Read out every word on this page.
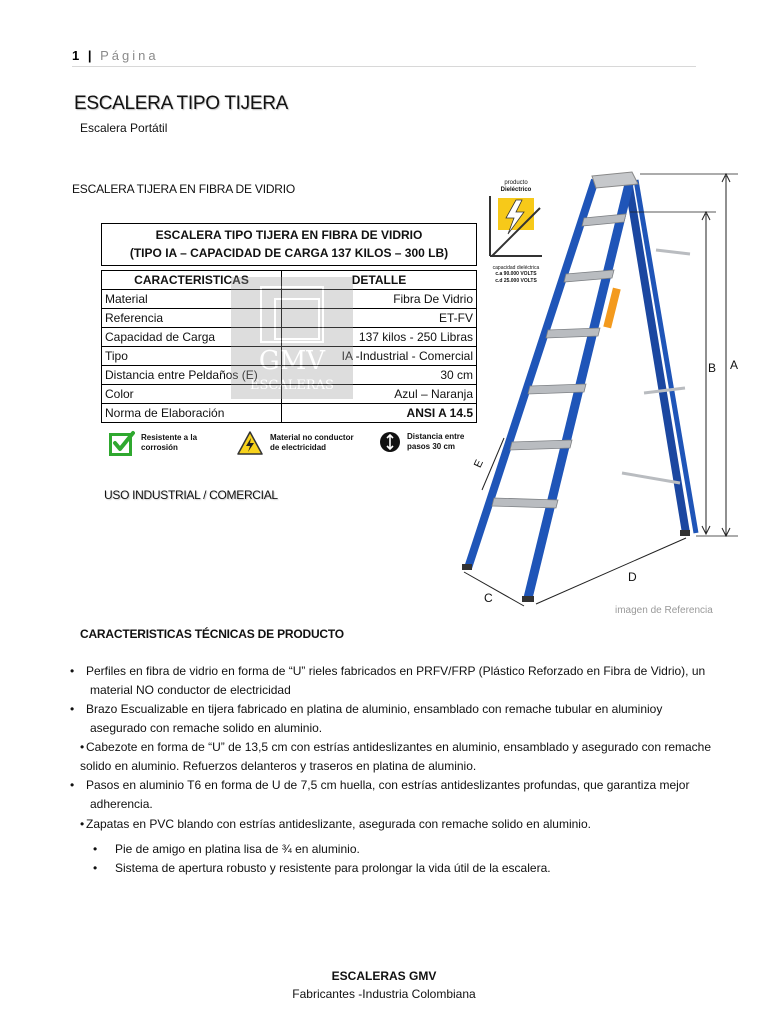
1 | Página
ESCALERA TIPO TIJERA
Escalera Portátil
ESCALERA TIJERA EN FIBRA DE VIDRIO
ESCALERA TIPO TIJERA EN FIBRA DE VIDRIO
(TIPO IA – CAPACIDAD DE CARGA 137 KILOS – 300 LB)	

CARACTERISTICAS	DETALLE
Material	Fibra De Vidrio
Referencia	ET-FV
Capacidad de Carga	137 kilos - 250 Libras
Tipo	IA -Industrial - Comercial
Distancia entre Peldaños (E)	30 cm
Color	Azul – Naranja
Norma de Elaboración	ANSI A 14.5
GMV
ESCALERAS
Resistente a la
corrosión
Material no conductor
de electricidad
Distancia entre
pasos 30 cm
USO INDUSTRIAL / COMERCIAL
producto
Dieléctrico
capacidad dieléctrica
c.a 90.000 VOLTS
c.d 25.000 VOLTS
A
B
D
C
E
imagen de Referencia
CARACTERISTICAS TÉCNICAS DE PRODUCTO
• Perfiles en fibra de vidrio en forma de “U” rieles fabricados en PRFV/FRP (Plástico Reforzado en Fibra de Vidrio), un material NO conductor de electricidad
• Brazo Escualizable en tijera fabricado en platina de aluminio, ensamblado con remache tubular en aluminioy asegurado con remache solido en aluminio.
• Cabezote en forma de “U” de 13,5 cm con estrías antideslizantes en aluminio, ensamblado y asegurado con remache solido en aluminio. Refuerzos delanteros y traseros en platina de aluminio.
• Pasos en aluminio T6 en forma de U de 7,5 cm huella, con estrías antideslizantes profundas, que garantiza mejor adherencia.
• Zapatas en PVC blando con estrías antideslizante, asegurada con remache solido en aluminio.
• Pie de amigo en platina lisa de ¾ en aluminio.
• Sistema de apertura robusto y resistente para prolongar la vida útil de la escalera.
ESCALERAS GMV
Fabricantes -Industria Colombiana
